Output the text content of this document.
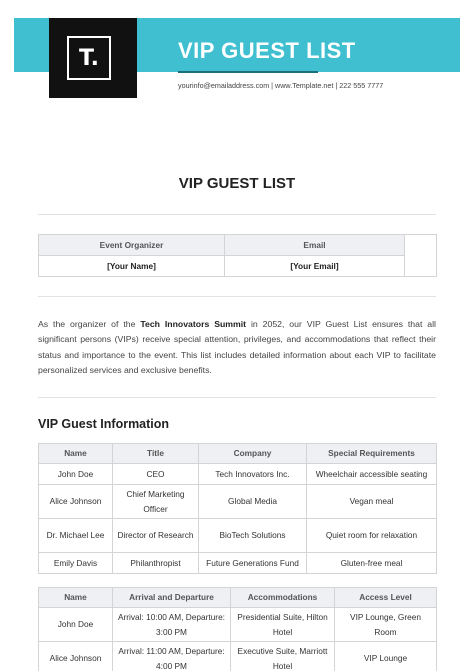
T.	VIP GUEST LIST
yourinfo@emailaddress.com | www.Template.net | 222 555 7777
VIP GUEST LIST
Event Organizer	Email	
[Your Name]	[Your Email]	

As the organizer of the Tech Innovators Summit in 2052, our VIP Guest List ensures that all significant persons (VIPs) receive special attention, privileges, and accommodations that reflect their status and importance to the event. This list includes detailed information about each VIP to facilitate personalized services and exclusive benefits.

VIP Guest Information
Name	Title	Company	Special Requirements
John Doe	CEO	Tech Innovators Inc.	Wheelchair accessible seating
Alice Johnson	Chief Marketing Officer	Global Media	Vegan meal
Dr. Michael Lee	Director of Research	BioTech Solutions	Quiet room for relaxation
Emily Davis	Philanthropist	Future Generations Fund	Gluten-free meal
Name	Arrival and Departure	Accommodations	Access Level
John Doe	Arrival: 10:00 AM, Departure: 3:00 PM	Presidential Suite, Hilton Hotel	VIP Lounge, Green Room
Alice Johnson	Arrival: 11:00 AM, Departure: 4:00 PM	Executive Suite, Marriott Hotel	VIP Lounge
